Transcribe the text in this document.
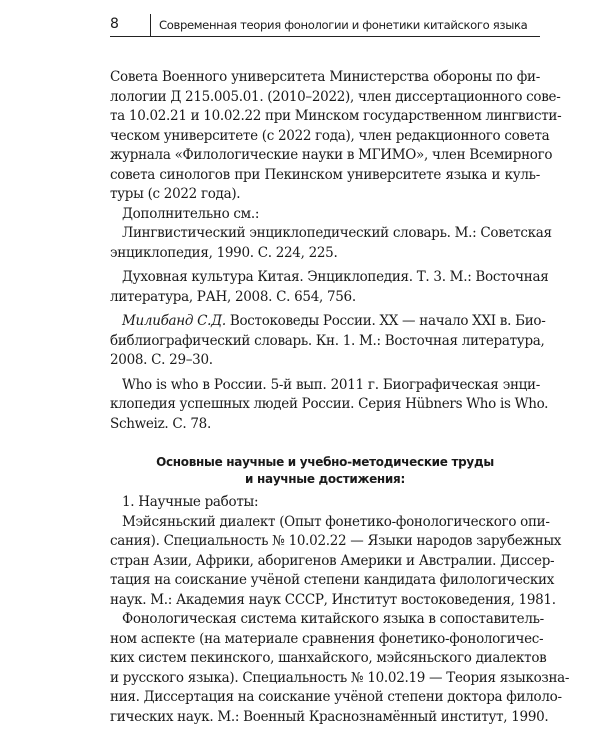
8	Современная теория фонологии и фонетики китайского языка
Совета Военного университета Министерства обороны по фи-
лологии Д 215.005.01. (2010–2022), член диссертационного сове-
та 10.02.21 и 10.02.22 при Минском государственном лингвисти-
ческом университете (с 2022 года), член редакционного совета
журнала «Филологические науки в МГИМО», член Всемирного
совета синологов при Пекинском университете языка и куль-
туры (с 2022 года).
Дополнительно см.:
Лингвистический энциклопедический словарь. М.: Советская
энциклопедия, 1990. С. 224, 225.
Духовная культура Китая. Энциклопедия. Т. 3. М.: Восточная
литература, РАН, 2008. С. 654, 756.
Милибанд С.Д. Востоковеды России. XX — начало XXI в. Био-
библиографический словарь. Кн. 1. М.: Восточная литература,
2008. С. 29–30.
Who is who в России. 5-й вып. 2011 г. Биографическая энци-
клопедия успешных людей России. Серия Hübners Who is Who.
Schweiz. С. 78.
Основные научные и учебно-методические труды
и научные достижения:
1. Научные работы:
Мэйсяньский диалект (Опыт фонетико-фонологического опи-
сания). Специальность № 10.02.22 — Языки народов зарубежных
стран Азии, Африки, аборигенов Америки и Австралии. Диссер-
тация на соискание учёной степени кандидата филологических
наук. М.: Академия наук СССР, Институт востоковедения, 1981.
Фонологическая система китайского языка в сопоставитель-
ном аспекте (на материале сравнения фонетико-фонологичес-
ких систем пекинского, шанхайского, мэйсяньского диалектов
и русского языка). Специальность № 10.02.19 — Теория языкозна-
ния. Диссертация на соискание учёной степени доктора филоло-
гических наук. М.: Военный Краснознамённый институт, 1990.
